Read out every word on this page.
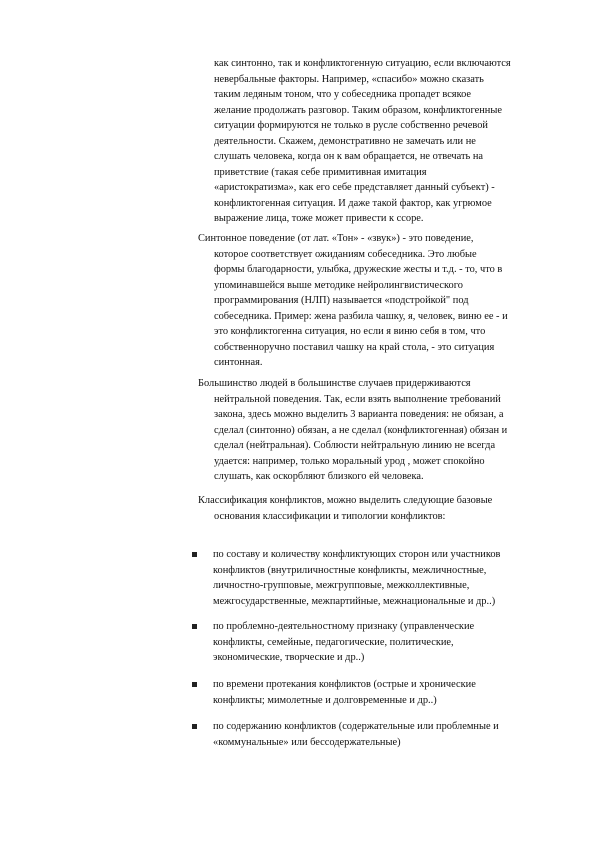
как синтонно, так и конфликтогенную ситуацию, если включаются
невербальные факторы. Например, «спасибо» можно сказать
таким ледяным тоном, что у собеседника пропадет всякое
желание продолжать разговор. Таким образом, конфликтогенные
ситуации формируются не только в русле собственно речевой
деятельности. Скажем, демонстративно не замечать или не
слушать человека, когда он к вам обращается, не отвечать на
приветствие (такая себе примитивная имитация
«аристократизма», как его себе представляет данный субъект) -
конфликтогенная ситуация. И даже такой фактор, как угрюмое
выражение лица, тоже может привести к ссоре.
Синтонное поведение (от лат. «Тон» - «звук») - это поведение,
которое соответствует ожиданиям собеседника. Это любые
формы благодарности, улыбка, дружеские жесты и т.д. - то, что в
упоминавшейся выше методике нейролингвистического
программирования (НЛП) называется «подстройкой" под
собеседника. Пример: жена разбила чашку, я, человек, виню ее - и
это конфликтогенна ситуация, но если я виню себя в том, что
собственноручно поставил чашку на край стола, - это ситуация
синтонная.
Большинство людей в большинстве случаев придерживаются
нейтральной поведения. Так, если взять выполнение требований
закона, здесь можно выделить 3 варианта поведения: не обязан, а
сделал (синтонно) обязан, а не сделал (конфликтогенная) обязан и
сделал (нейтральная). Соблюсти нейтральную линию не всегда
удается: например, только моральный урод , может спокойно
слушать, как оскорбляют близкого ей человека.
Классификация конфликтов, можно выделить следующие базовые
основания классификации и типологии конфликтов:
по составу и количеству конфликтующих сторон или участников
конфликтов (внутриличностные конфликты, межличностные,
личностно-групповые, межгрупповые, межколлективные,
межгосударственные, межпартийные, межнациональные и др..)
по проблемно-деятельностному признаку (управленческие
конфликты, семейные, педагогические, политические,
экономические, творческие и др..)
по времени протекания конфликтов (острые и хронические
конфликты; мимолетные и долговременные и др..)
по содержанию конфликтов (содержательные или проблемные и
«коммунальные» или бессодержательные)
